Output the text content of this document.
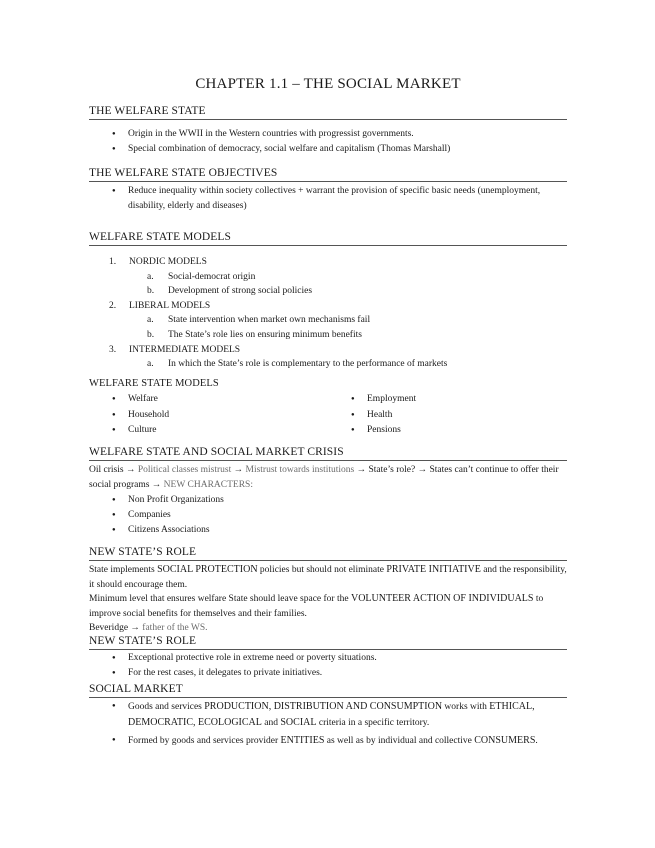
CHAPTER 1.1 – THE SOCIAL MARKET
THE WELFARE STATE
● Origin in the WWII in the Western countries with progressist governments.
● Special combination of democracy, social welfare and capitalism (Thomas Marshall)
THE WELFARE STATE OBJECTIVES
● Reduce inequality within society collectives + warrant the provision of specific basic needs (unemployment, disability, elderly and diseases)
WELFARE STATE MODELS
1. NORDIC MODELS
a. Social-democrat origin
b. Development of strong social policies
2. LIBERAL MODELS
a. State intervention when market own mechanisms fail
b. The State’s role lies on ensuring minimum benefits
3. INTERMEDIATE MODELS
a. In which the State’s role is complementary to the performance of markets
WELFARE STATE MODELS
● Welfare
● Household
● Culture
● Employment
● Health
● Pensions
WELFARE STATE AND SOCIAL MARKET CRISIS
Oil crisis → Political classes mistrust → Mistrust towards institutions → State’s role? → States can’t continue to offer their social programs → NEW CHARACTERS:
● Non Profit Organizations
● Companies
● Citizens Associations
NEW STATE’S ROLE
State implements SOCIAL PROTECTION policies but should not eliminate PRIVATE INITIATIVE and the responsibility, it should encourage them.
Minimum level that ensures welfare State should leave space for the VOLUNTEER ACTION OF INDIVIDUALS to improve social benefits for themselves and their families.
Beveridge → father of the WS.
NEW STATE’S ROLE
● Exceptional protective role in extreme need or poverty situations.
● For the rest cases, it delegates to private initiatives.
SOCIAL MARKET
● Goods and services PRODUCTION, DISTRIBUTION AND CONSUMPTION works with ETHICAL, DEMOCRATIC, ECOLOGICAL and SOCIAL criteria in a specific territory.
● Formed by goods and services provider ENTITIES as well as by individual and collective CONSUMERS.
